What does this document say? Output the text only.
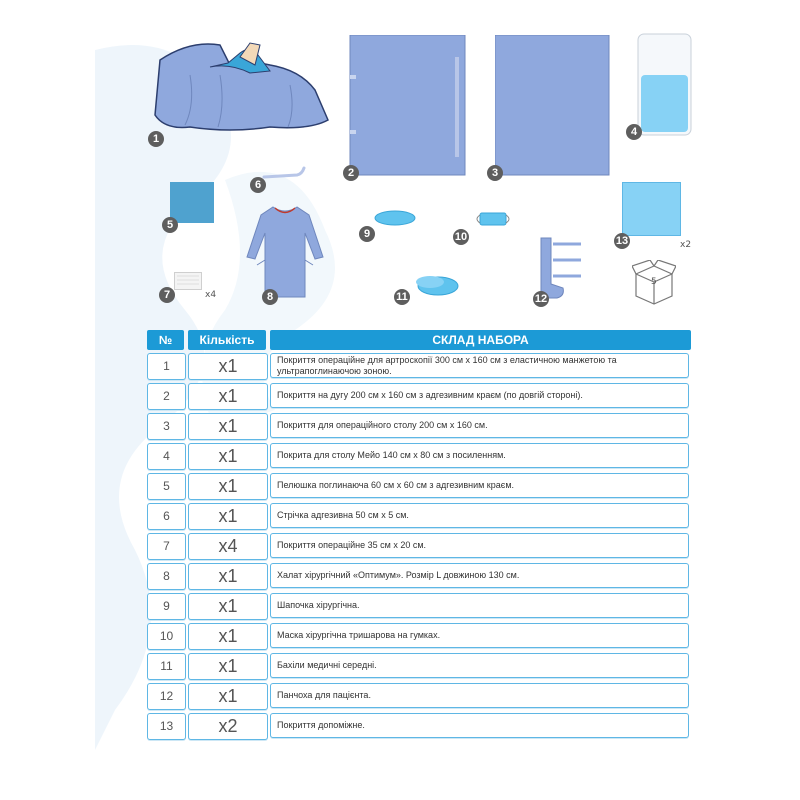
1
2	3
4
5
6
7	x4	8
9	10
11	12
13	x2
5
№	Кількість	СКЛАД НАБОРА
1	x1	Покриття операційне для артроскопії 300 см х 160 см з еластичною манжетою та ультрапоглинаючою зоною.
2	x1	Покриття на дугу 200 см х 160 см з адгезивним краєм (по довгій стороні).
3	x1	Покриття для операційного столу 200 см х 160 см.
4	x1	Покрита для столу Мейо 140 см х 80 см з посиленням.
5	x1	Пелюшка поглинаюча 60 см х 60 см з адгезивним краєм.
6	x1	Стрічка адгезивна 50 см х 5 см.
7	x4	Покриття операційне 35 см х 20 см.
8	x1	Халат хірургічний «Оптимум». Розмір L довжиною 130 см.
9	x1	Шапочка хірургічна.
10	x1	Маска хірургічна тришарова на гумках.
11	x1	Бахіли медичні середні.
12	x1	Панчоха для пацієнта.
13	x2	Покриття допоміжне.
